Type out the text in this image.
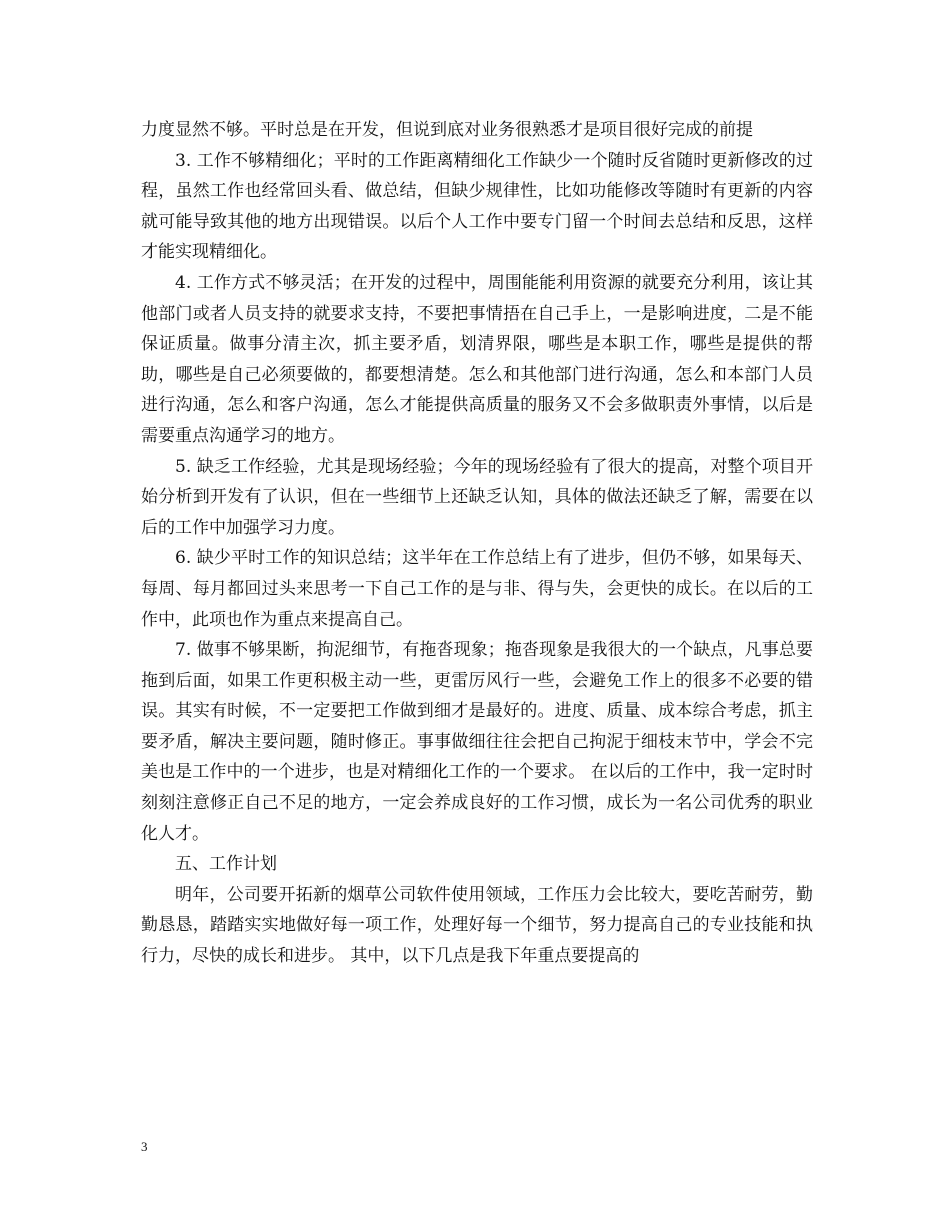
力度显然不够。平时总是在开发，但说到底对业务很熟悉才是项目很好完成的前提

3. 工作不够精细化；平时的工作距离精细化工作缺少一个随时反省随时更新修改的过程，虽然工作也经常回头看、做总结，但缺少规律性，比如功能修改等随时有更新的内容就可能导致其他的地方出现错误。以后个人工作中要专门留一个时间去总结和反思，这样才能实现精细化。

4. 工作方式不够灵活；在开发的过程中，周围能能利用资源的就要充分利用，该让其他部门或者人员支持的就要求支持，不要把事情捂在自己手上，一是影响进度，二是不能保证质量。做事分清主次，抓主要矛盾，划清界限，哪些是本职工作，哪些是提供的帮助，哪些是自己必须要做的，都要想清楚。怎么和其他部门进行沟通，怎么和本部门人员进行沟通，怎么和客户沟通，怎么才能提供高质量的服务又不会多做职责外事情，以后是需要重点沟通学习的地方。

5. 缺乏工作经验，尤其是现场经验；今年的现场经验有了很大的提高，对整个项目开始分析到开发有了认识，但在一些细节上还缺乏认知，具体的做法还缺乏了解，需要在以后的工作中加强学习力度。

6. 缺少平时工作的知识总结；这半年在工作总结上有了进步，但仍不够，如果每天、每周、每月都回过头来思考一下自己工作的是与非、得与失，会更快的成长。在以后的工作中，此项也作为重点来提高自己。

7. 做事不够果断，拘泥细节，有拖沓现象；拖沓现象是我很大的一个缺点，凡事总要拖到后面，如果工作更积极主动一些，更雷厉风行一些，会避免工作上的很多不必要的错误。其实有时候，不一定要把工作做到细才是最好的。进度、质量、成本综合考虑，抓主要矛盾，解决主要问题，随时修正。事事做细往往会把自己拘泥于细枝末节中，学会不完美也是工作中的一个进步，也是对精细化工作的一个要求。 在以后的工作中，我一定时时刻刻注意修正自己不足的地方，一定会养成良好的工作习惯，成长为一名公司优秀的职业化人才。

五、工作计划

明年，公司要开拓新的烟草公司软件使用领域，工作压力会比较大，要吃苦耐劳，勤勤恳恳，踏踏实实地做好每一项工作，处理好每一个细节，努力提高自己的专业技能和执行力，尽快的成长和进步。 其中，以下几点是我下年重点要提高的

3
